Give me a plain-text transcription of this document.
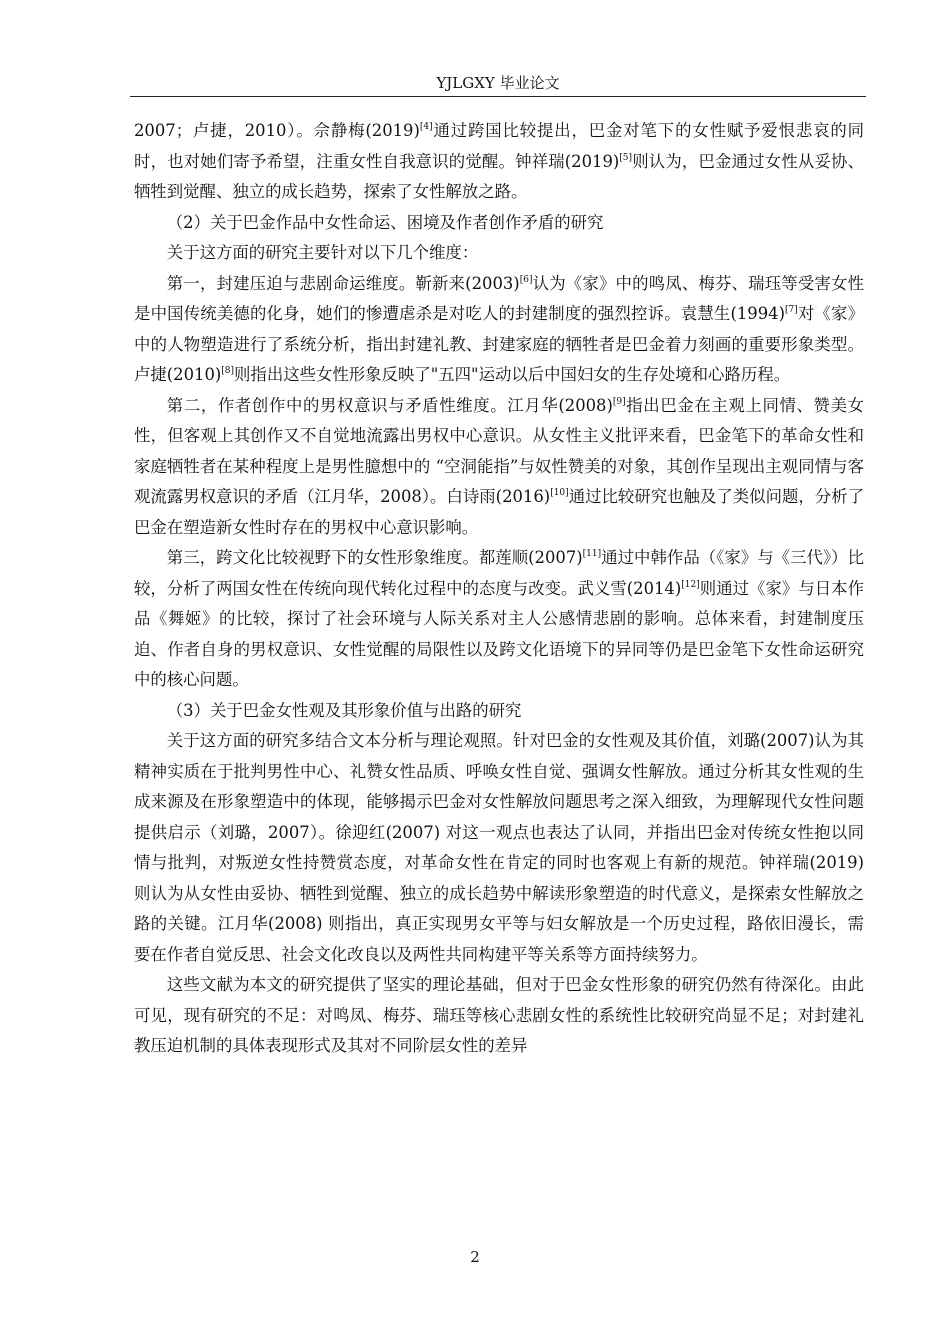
YJLGXY 毕业论文

2007；卢捷，2010）。佘静梅(2019)[4]通过跨国比较提出，巴金对笔下的女性赋予爱恨悲哀的同时，也对她们寄予希望，注重女性自我意识的觉醒。钟祥瑞(2019)[5]则认为，巴金通过女性从妥协、牺牲到觉醒、独立的成长趋势，探索了女性解放之路。

（2）关于巴金作品中女性命运、困境及作者创作矛盾的研究

关于这方面的研究主要针对以下几个维度：

第一，封建压迫与悲剧命运维度。靳新来(2003)[6]认为《家》中的鸣凤、梅芬、瑞珏等受害女性是中国传统美德的化身，她们的惨遭虐杀是对吃人的封建制度的强烈控诉。袁慧生(1994)[7]对《家》中的人物塑造进行了系统分析，指出封建礼教、封建家庭的牺牲者是巴金着力刻画的重要形象类型。卢捷(2010)[8]则指出这些女性形象反映了"五四"运动以后中国妇女的生存处境和心路历程。

第二，作者创作中的男权意识与矛盾性维度。江月华(2008)[9]指出巴金在主观上同情、赞美女性，但客观上其创作又不自觉地流露出男权中心意识。从女性主义批评来看，巴金笔下的革命女性和家庭牺牲者在某种程度上是男性臆想中的 “空洞能指”与奴性赞美的对象，其创作呈现出主观同情与客观流露男权意识的矛盾（江月华，2008）。白诗雨(2016)[10]通过比较研究也触及了类似问题，分析了巴金在塑造新女性时存在的男权中心意识影响。

第三，跨文化比较视野下的女性形象维度。都莲顺(2007)[11]通过中韩作品（《家》与《三代》）比较，分析了两国女性在传统向现代转化过程中的态度与改变。武义雪(2014)[12]则通过《家》与日本作品《舞姬》的比较，探讨了社会环境与人际关系对主人公感情悲剧的影响。总体来看，封建制度压迫、作者自身的男权意识、女性觉醒的局限性以及跨文化语境下的异同等仍是巴金笔下女性命运研究中的核心问题。

（3）关于巴金女性观及其形象价值与出路的研究

关于这方面的研究多结合文本分析与理论观照。针对巴金的女性观及其价值，刘璐(2007)认为其精神实质在于批判男性中心、礼赞女性品质、呼唤女性自觉、强调女性解放。通过分析其女性观的生成来源及在形象塑造中的体现，能够揭示巴金对女性解放问题思考之深入细致，为理解现代女性问题提供启示（刘璐，2007）。徐迎红(2007) 对这一观点也表达了认同，并指出巴金对传统女性抱以同情与批判，对叛逆女性持赞赏态度，对革命女性在肯定的同时也客观上有新的规范。钟祥瑞(2019) 则认为从女性由妥协、牺牲到觉醒、独立的成长趋势中解读形象塑造的时代意义，是探索女性解放之路的关键。江月华(2008) 则指出，真正实现男女平等与妇女解放是一个历史过程，路依旧漫长，需要在作者自觉反思、社会文化改良以及两性共同构建平等关系等方面持续努力。

这些文献为本文的研究提供了坚实的理论基础，但对于巴金女性形象的研究仍然有待深化。由此可见，现有研究的不足：对鸣凤、梅芬、瑞珏等核心悲剧女性的系统性比较研究尚显不足；对封建礼教压迫机制的具体表现形式及其对不同阶层女性的差异

2
